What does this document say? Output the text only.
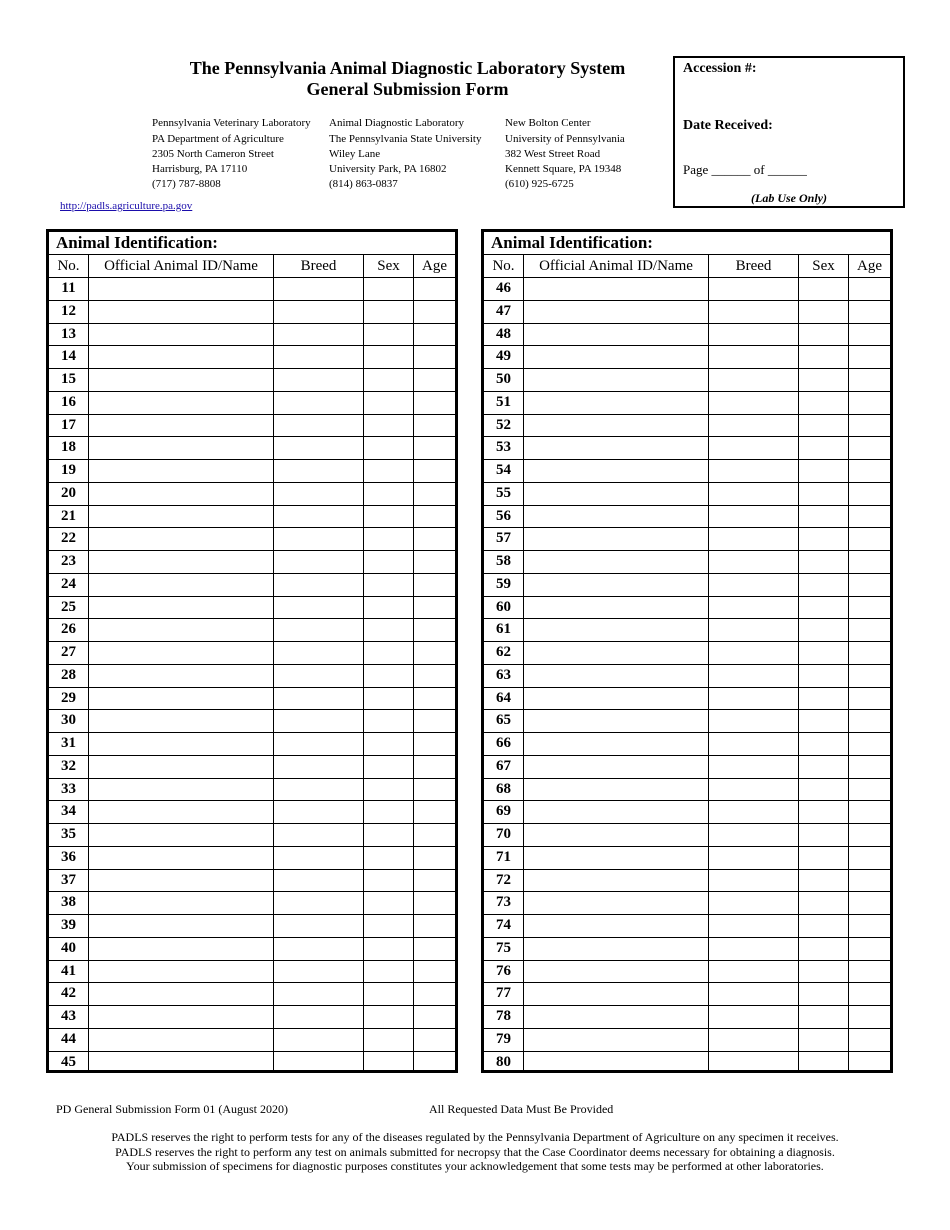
The Pennsylvania Animal Diagnostic Laboratory System
General Submission Form
Pennsylvania Veterinary Laboratory
PA Department of Agriculture
2305 North Cameron Street
Harrisburg, PA 17110
(717) 787-8808
Animal Diagnostic Laboratory
The Pennsylvania State University
Wiley Lane
University Park, PA 16802
(814) 863-0837
New Bolton Center
University of Pennsylvania
382 West Street Road
Kennett Square, PA 19348
(610) 925-6725
http://padls.agriculture.pa.gov
Accession #:
Date Received:
Page ______ of ______
(Lab Use Only)
Animal Identification:
No.	Official Animal ID/Name	Breed	Sex	Age
11
12
13
14
15
16
17
18
19
20
21
22
23
24
25
26
27
28
29
30
31
32
33
34
35
36
37
38
39
40
41
42
43
44
45
Animal Identification:
No.	Official Animal ID/Name	Breed	Sex	Age
46
47
48
49
50
51
52
53
54
55
56
57
58
59
60
61
62
63
64
65
66
67
68
69
70
71
72
73
74
75
76
77
78
79
80
PD General Submission Form 01 (August 2020)	All Requested Data Must Be Provided
PADLS reserves the right to perform tests for any of the diseases regulated by the Pennsylvania Department of Agriculture on any specimen it receives.
PADLS reserves the right to perform any test on animals submitted for necropsy that the Case Coordinator deems necessary for obtaining a diagnosis.
Your submission of specimens for diagnostic purposes constitutes your acknowledgement that some tests may be performed at other laboratories.
